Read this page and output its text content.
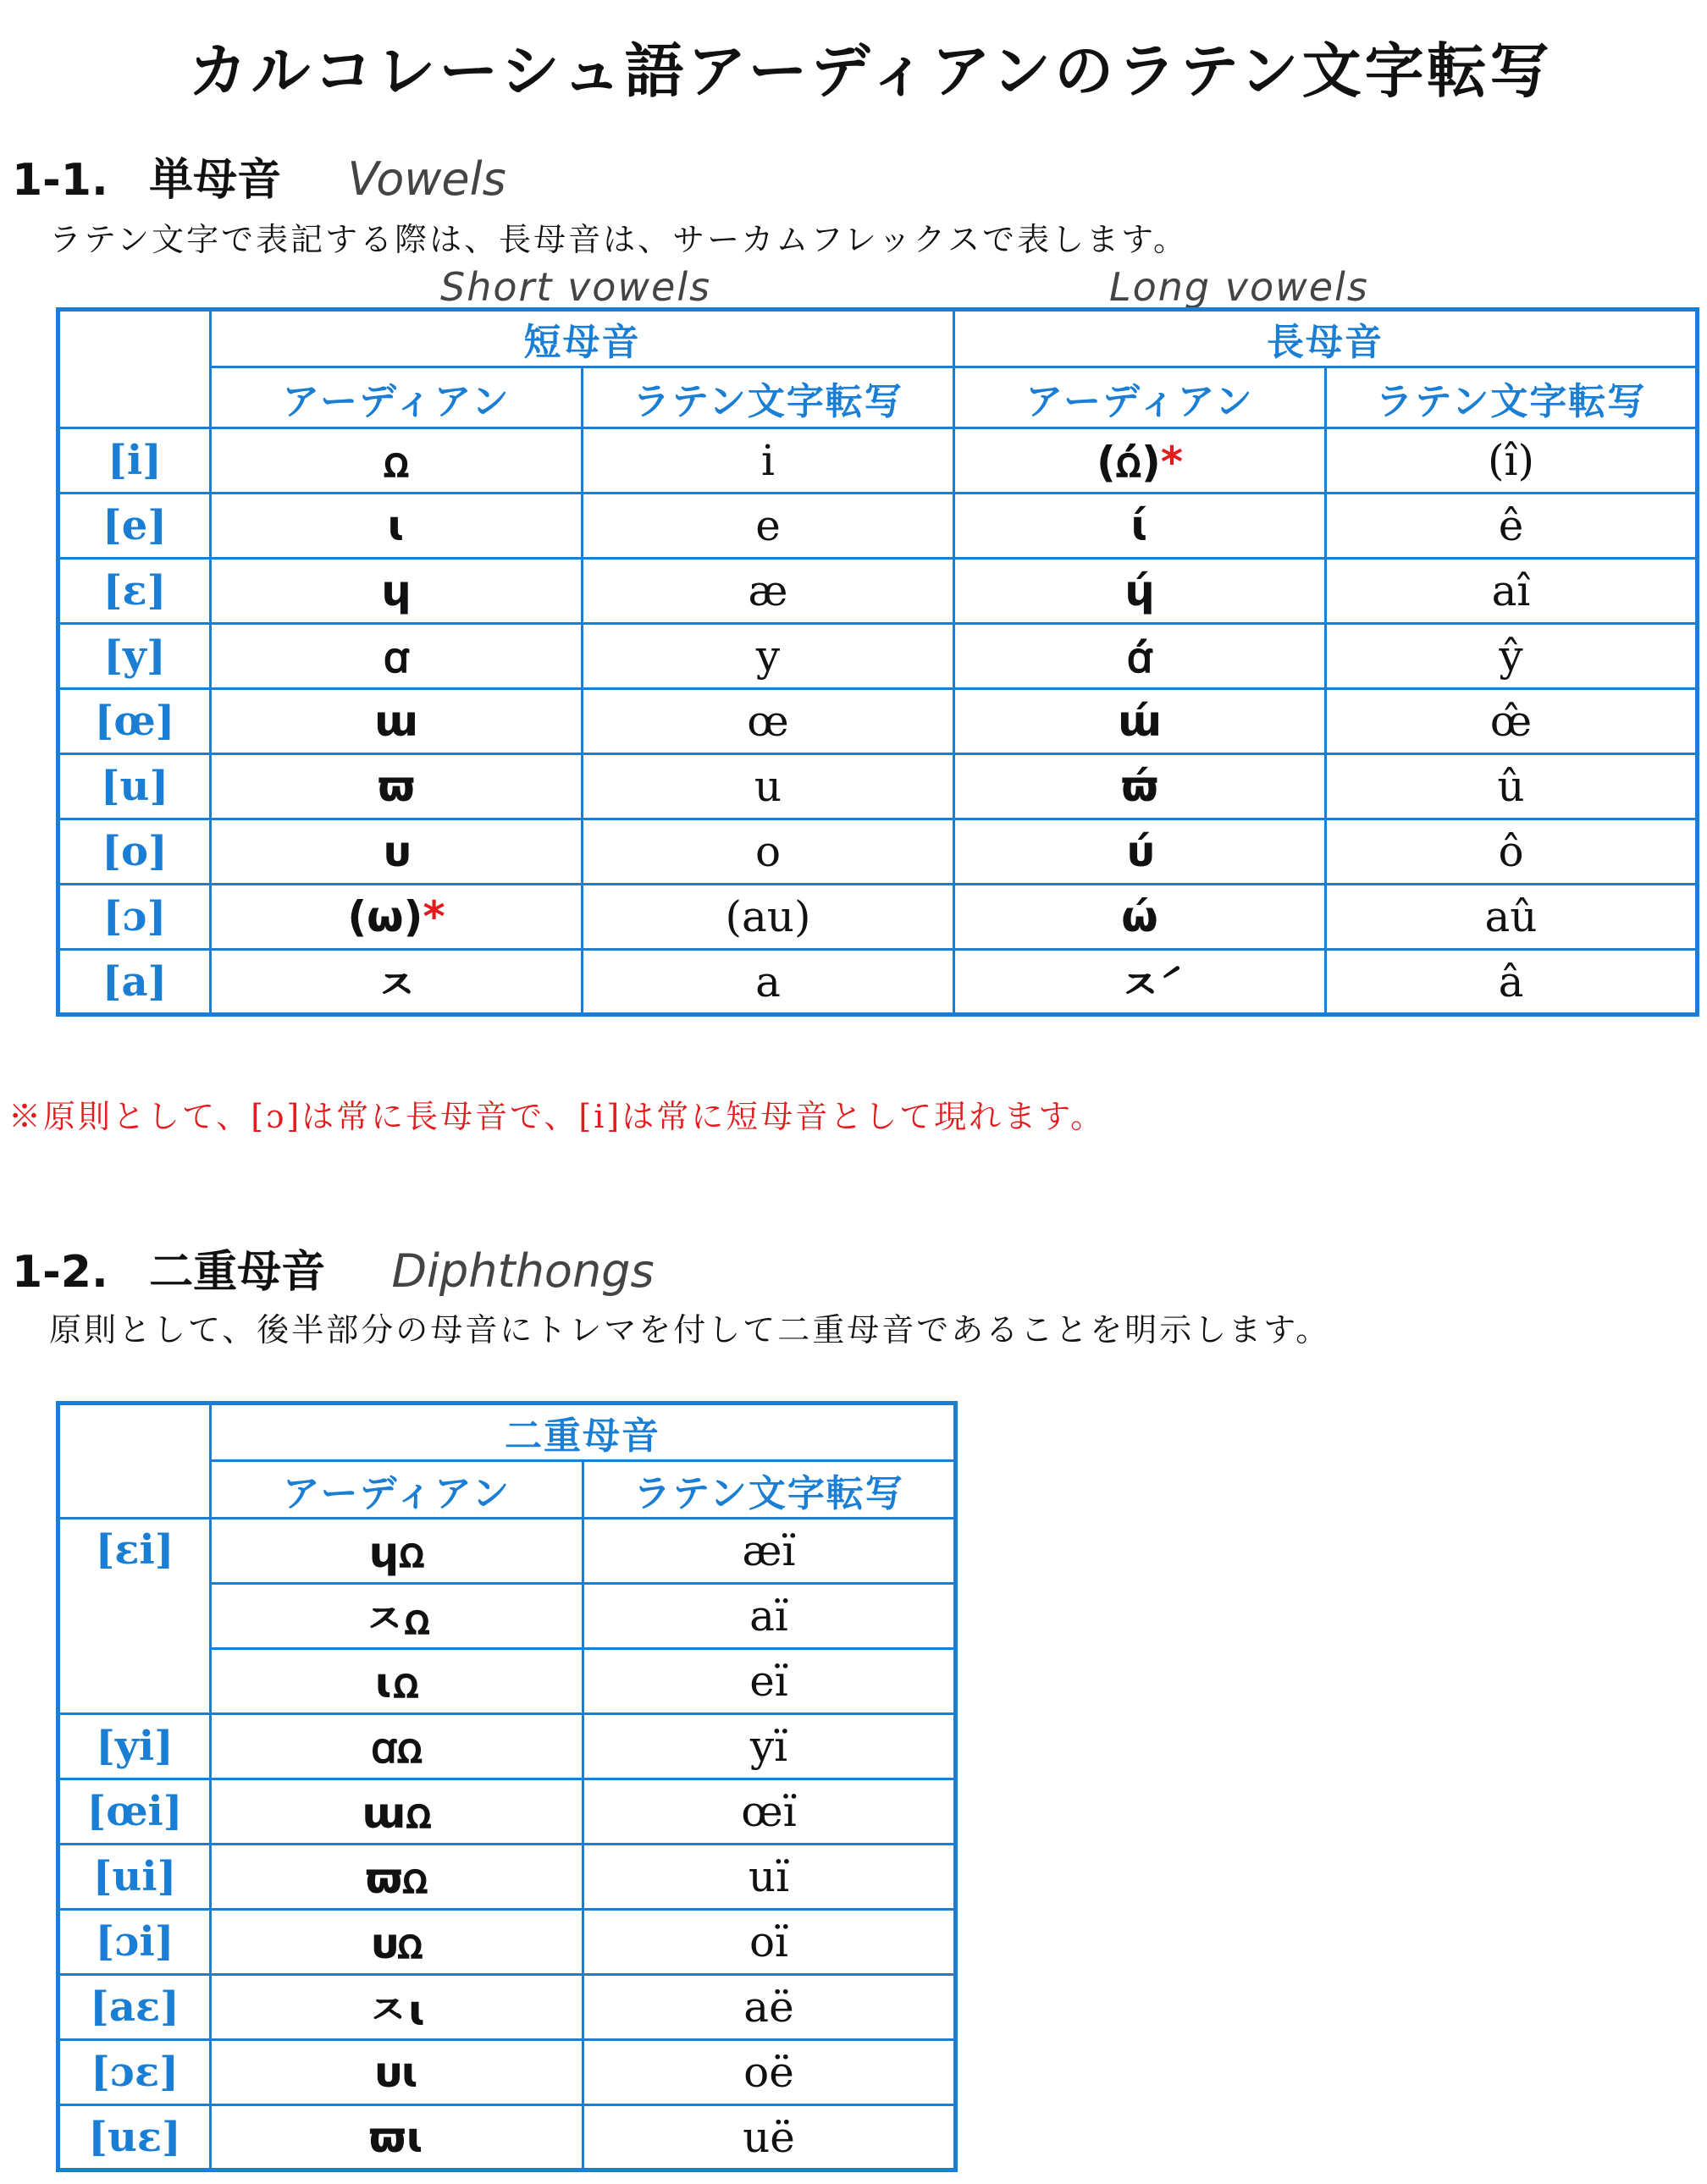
カルコレーシュ語アーディアンのラテン文字転写
1-1. 単母音 Vowels

ラテン文字で表記する際は、長母音は、サーカムフレックスで表します。

Short vowels	Long vowels
	短母音		長母音	
	アーディアン	ラテン文字転写	アーディアン	ラテン文字転写
[i]	ꭥ	i	(ꭥ́)*	(î)
[e]	ɩ	e	ɩ́	ê
[ɛ]	ɥ	æ	ɥ́	aî
[y]	ꭤ	y	ꭤ́	ŷ
[œ]	ɯ	œ	ɯ́	œ̂
[u]	ϖ	u	ϖ́	û
[o]	ᴜ	o	ᴜ́	ô
[ɔ]	(ω)*	(au)	ώ	aû
[a]	ㅈ	a	ㅈ́	â

※原則として、[ɔ]は常に長母音で、[i]は常に短母音として現れます。

1-2. 二重母音 Diphthongs

原則として、後半部分の母音にトレマを付して二重母音であることを明示します。

	二重母音	
	アーディアン	ラテン文字転写
[ɛi]	ɥꭥ	æï
	ㅈꭥ	aï
	ɩꭥ	eï
[yi]	ꭤꭥ	yï
[œi]	ɯꭥ	œï
[ui]	ϖꭥ	uï
[ɔi]	ᴜꭥ	oï
[aɛ]	ㅈɩ	aë
[ɔɛ]	ᴜɩ	oë
[uɛ]	ϖɩ	uë
